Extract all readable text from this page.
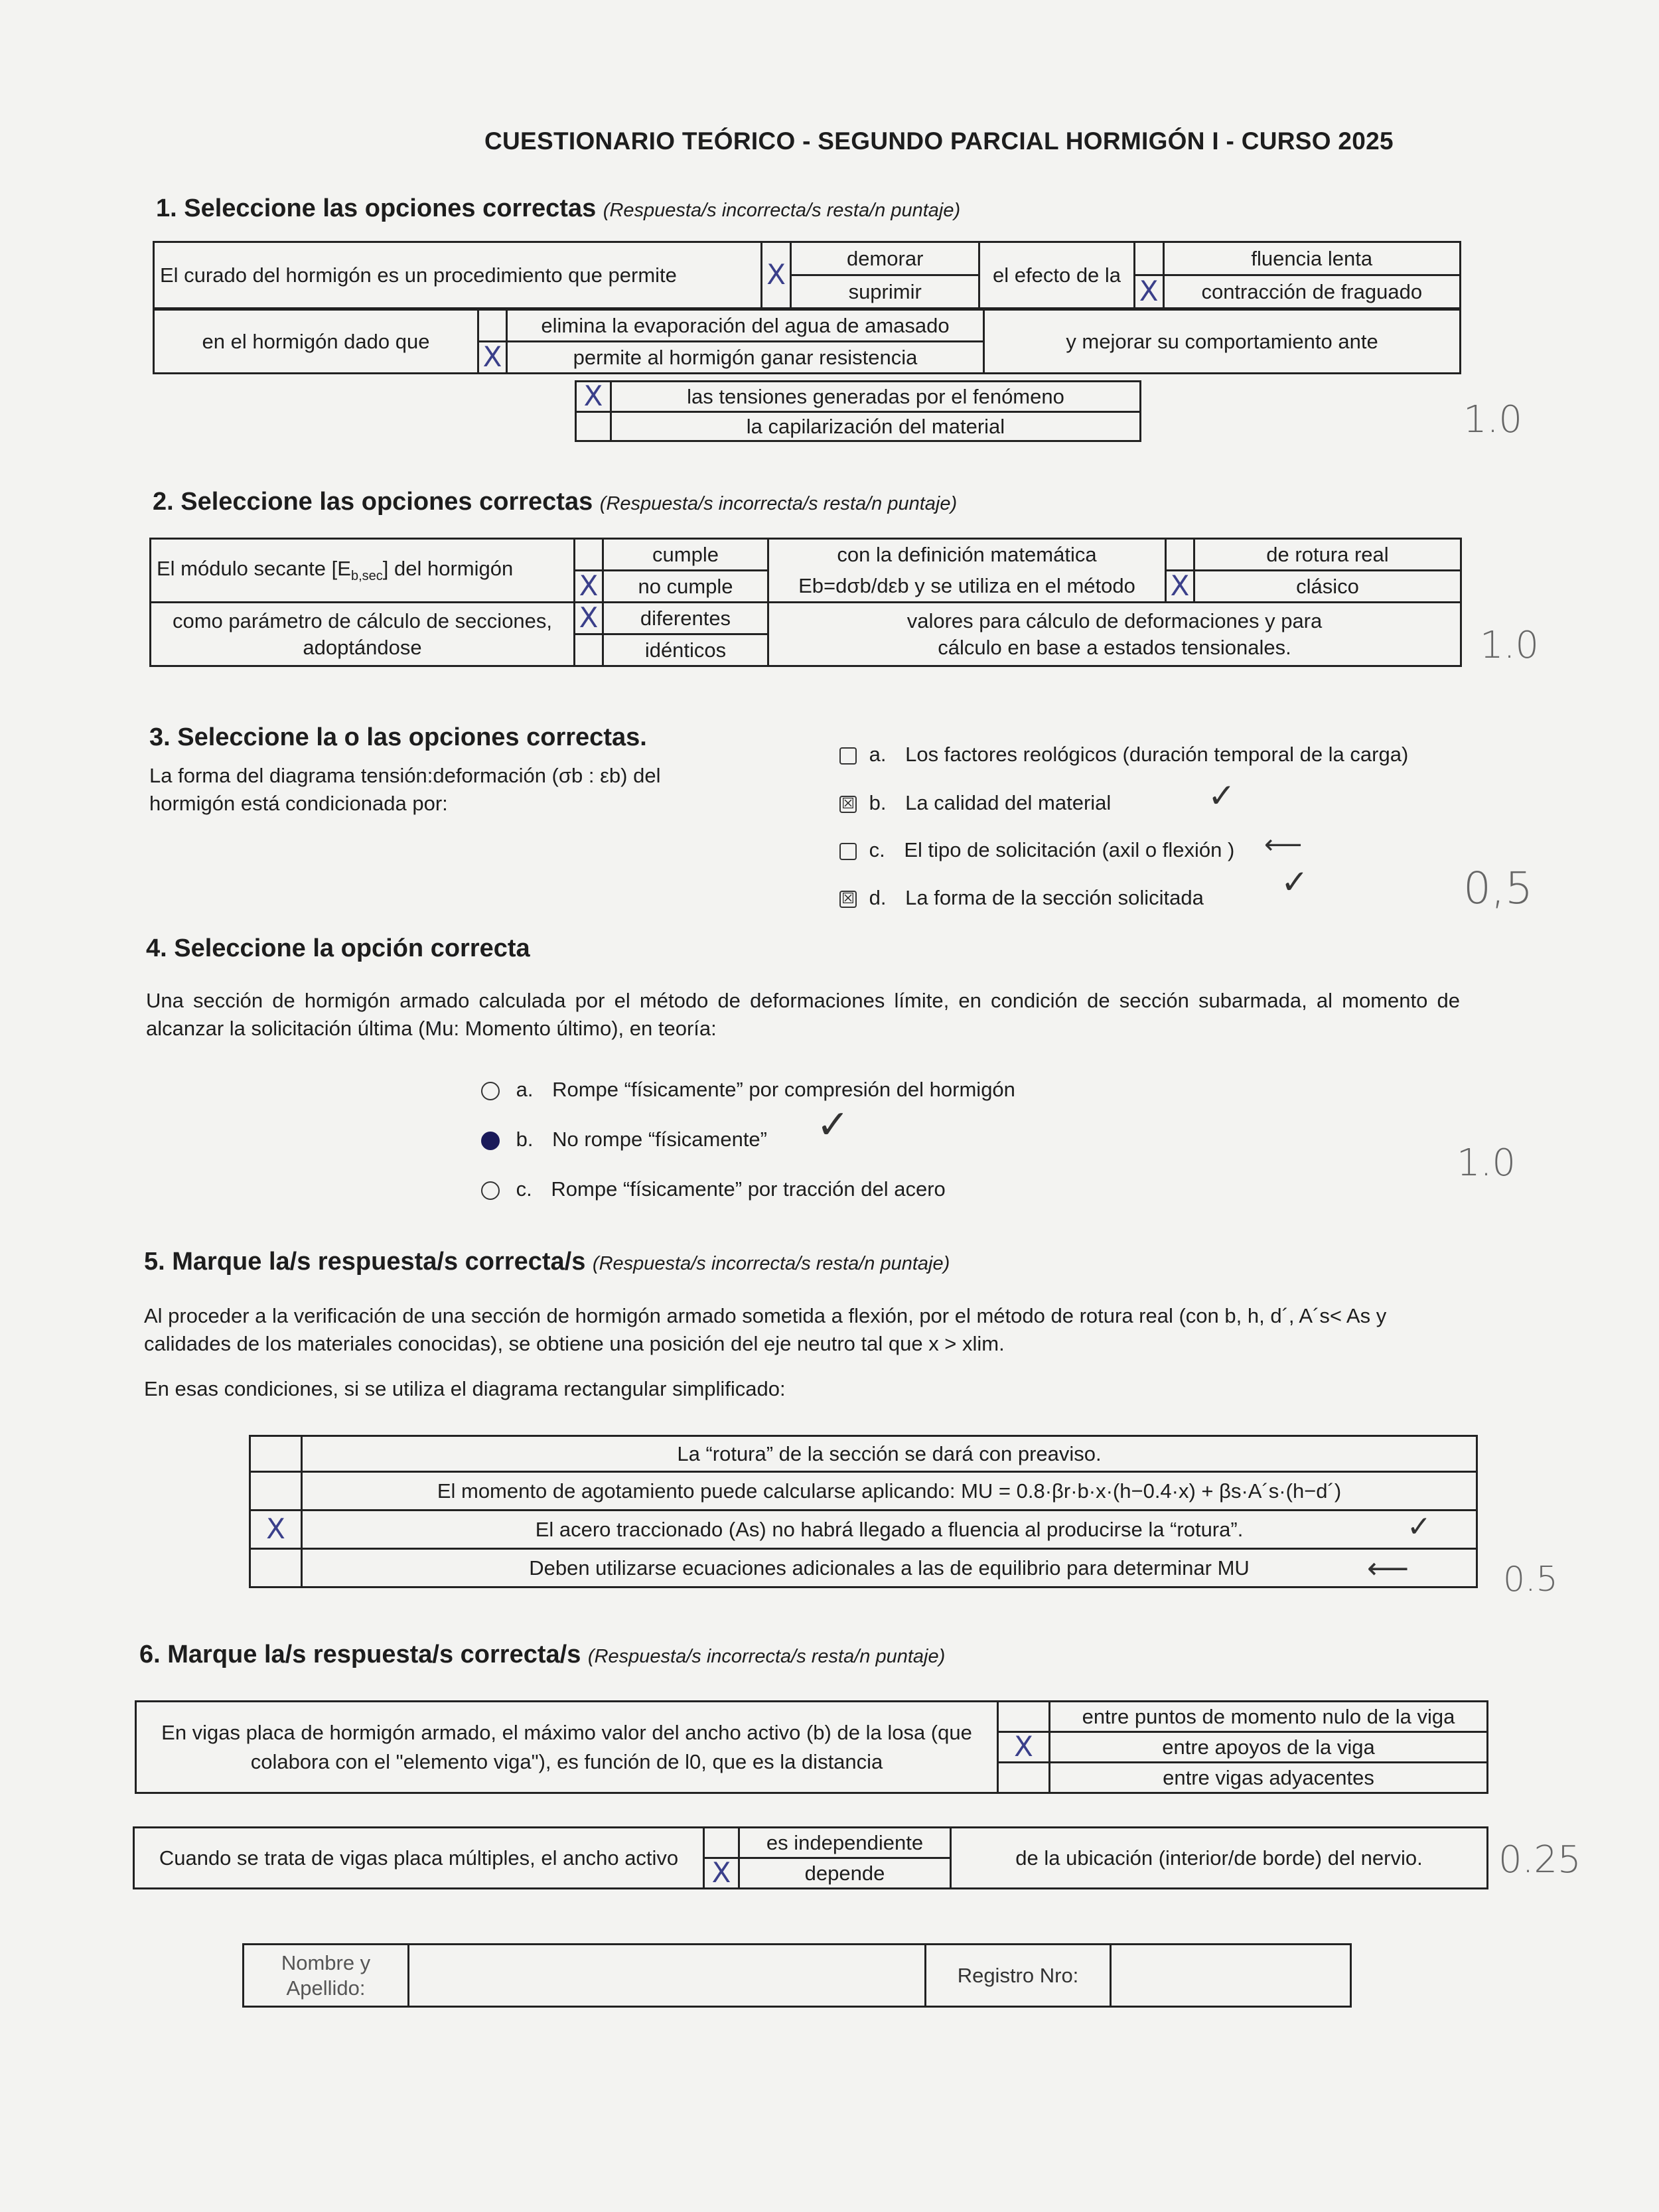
CUESTIONARIO TEÓRICO - SEGUNDO PARCIAL HORMIGÓN I - CURSO 2025
1. Seleccione las opciones correctas (Respuesta/s incorrecta/s resta/n puntaje)
El curado del hormigón es un procedimiento que permite	X	demorar	el efecto de la		fluencia lenta
		suprimir		X	contracción de fraguado
en el hormigón dado que		elimina la evaporación del agua de amasado	y mejorar su comportamiento ante
	X	permite al hormigón ganar resistencia	
X	las tensiones generadas por el fenómeno
	la capilarización del material	1.0
2. Seleccione las opciones correctas (Respuesta/s incorrecta/s resta/n puntaje)
El módulo secante $[E_{b,sec}]$ del hormigón		cumple	con la definición matemática		de rotura real
	X	no cumple	Eb=dσb/dεb y se utiliza en el método	X	clásico
como parámetro de cálculo de secciones, adoptándose	X	diferentes	valores para cálculo de deformaciones y para cálculo en base a estados tensionales.		
		idénticos				1.0
3. Seleccione la o las opciones correctas.
La forma del diagrama tensión:deformación (σb : εb) del hormigón está condicionada por:
a. Los factores reológicos (duración temporal de la carga)
☒ b. La calidad del material
c. El tipo de solicitación (axil o flexión )
☒ d. La forma de la sección solicitada
✓
✓
⟵
0,5
4. Seleccione la opción correcta
Una sección de hormigón armado calculada por el método de deformaciones límite, en condición de sección subarmada, al momento de alcanzar la solicitación última (Mu: Momento último), en teoría:
a. Rompe “físicamente” por compresión del hormigón
b. No rompe “físicamente”
c. Rompe “físicamente” por tracción del acero
✓
1.0
5. Marque la/s respuesta/s correcta/s (Respuesta/s incorrecta/s resta/n puntaje)
Al proceder a la verificación de una sección de hormigón armado sometida a flexión, por el método de rotura real (con b, h, d´, A´s< As y calidades de los materiales conocidas), se obtiene una posición del eje neutro tal que x > xlim.
En esas condiciones, si se utiliza el diagrama rectangular simplificado:
	La “rotura” de la sección se dará con preaviso.
	El momento de agotamiento puede calcularse aplicando: MU = 0.8·βr·b·x·(h−0.4·x) + βs·A´s·(h−d´)
X	El acero traccionado (As) no habrá llegado a fluencia al producirse la “rotura”.
	Deben utilizarse ecuaciones adicionales a las de equilibrio para determinar MU
✓
⟵	0.5
6. Marque la/s respuesta/s correcta/s (Respuesta/s incorrecta/s resta/n puntaje)
En vigas placa de hormigón armado, el máximo valor del ancho activo (b) de la losa (que colabora con el "elemento viga"), es función de l0, que es la distancia		entre puntos de momento nulo de la viga
	X	entre apoyos de la viga
		entre vigas adyacentes
Cuando se trata de vigas placa múltiples, el ancho activo		es independiente	de la ubicación (interior/de borde) del nervio.
	X	depende		0.25
Nombre y Apellido:		Registro Nro:	
